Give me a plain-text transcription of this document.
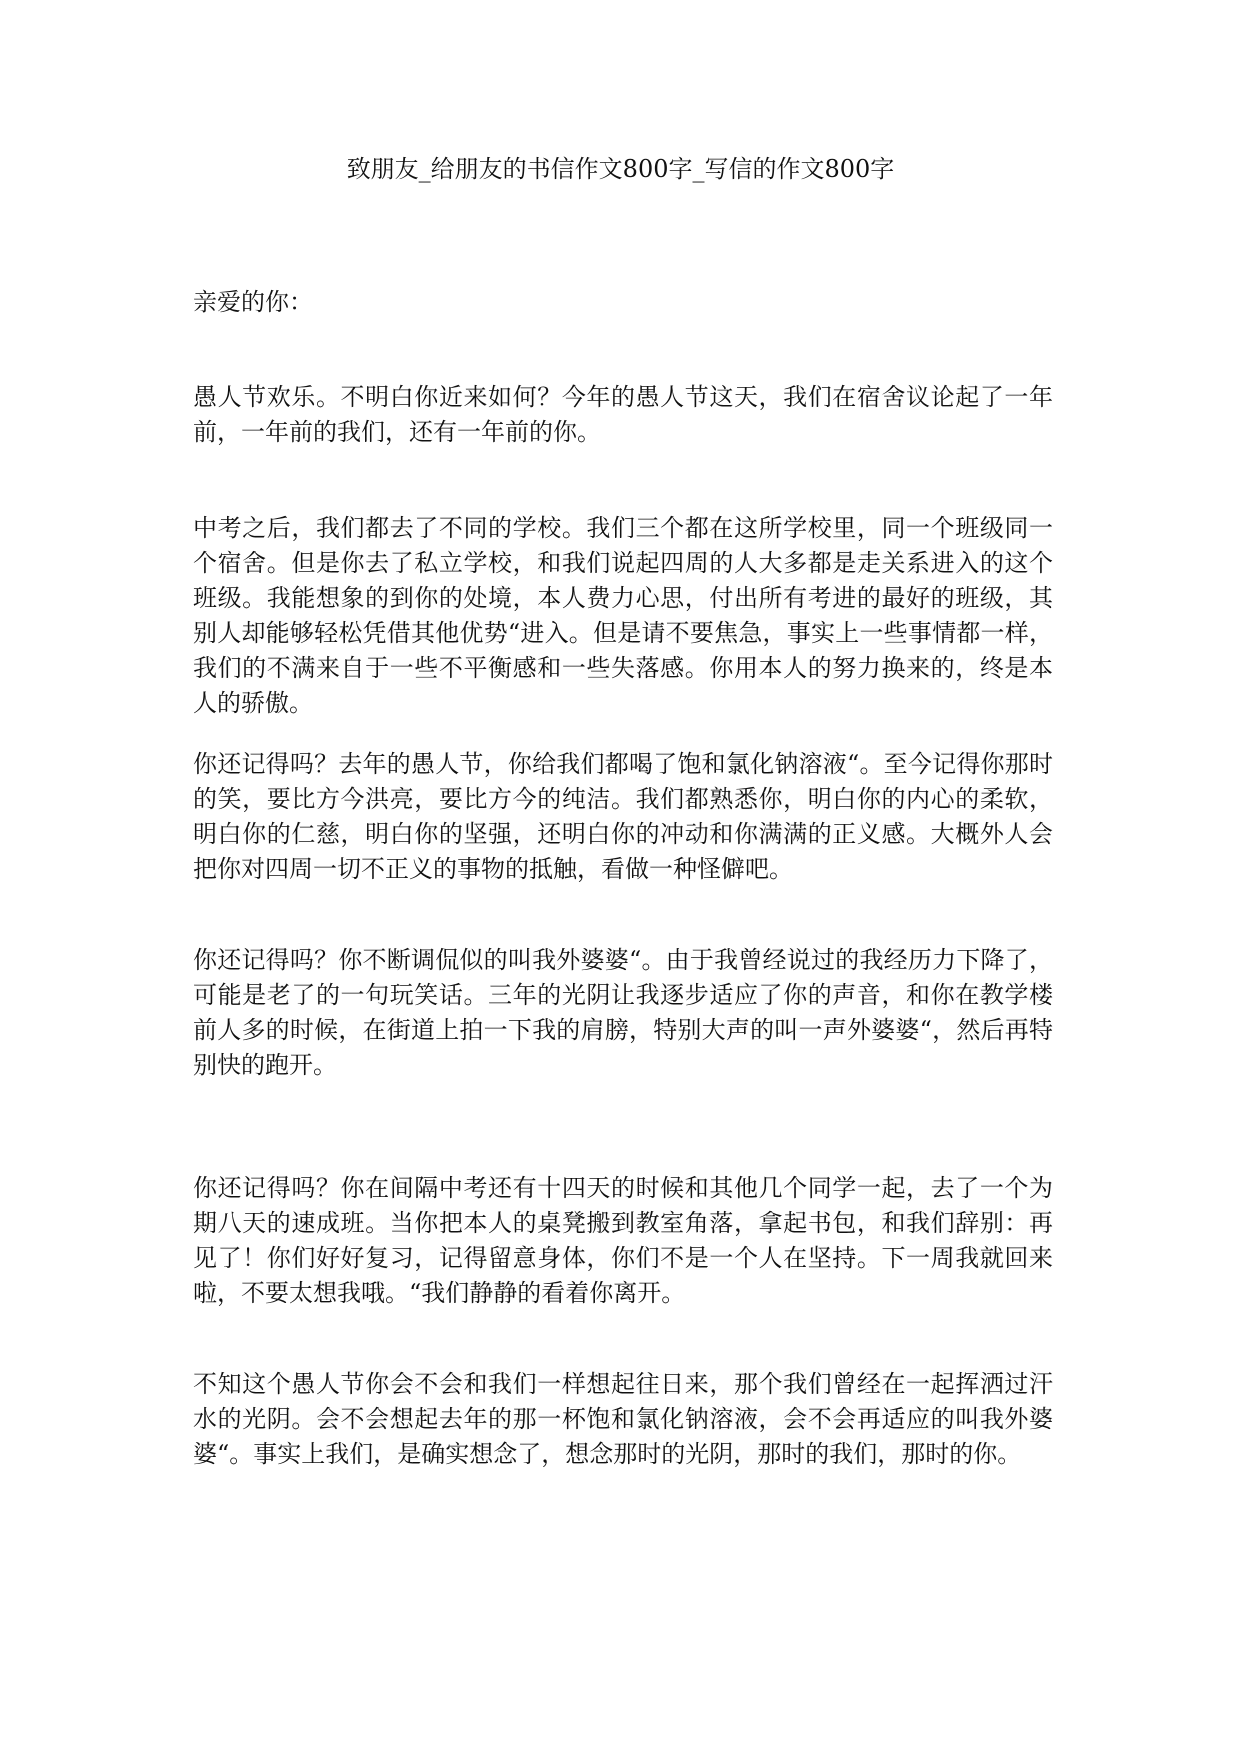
致朋友_给朋友的书信作文800字_写信的作文800字
亲爱的你：
愚人节欢乐。不明白你近来如何？今年的愚人节这天，我们在宿舍议论起了一年前，一年前的我们，还有一年前的你。
中考之后，我们都去了不同的学校。我们三个都在这所学校里，同一个班级同一个宿舍。但是你去了私立学校，和我们说起四周的人大多都是走关系进入的这个班级。我能想象的到你的处境，本人费力心思，付出所有考进的最好的班级，其别人却能够轻松凭借其他优势“进入。但是请不要焦急，事实上一些事情都一样，我们的不满来自于一些不平衡感和一些失落感。你用本人的努力换来的，终是本人的骄傲。
你还记得吗？去年的愚人节，你给我们都喝了饱和氯化钠溶液“。至今记得你那时的笑，要比方今洪亮，要比方今的纯洁。我们都熟悉你，明白你的内心的柔软，明白你的仁慈，明白你的坚强，还明白你的冲动和你满满的正义感。大概外人会把你对四周一切不正义的事物的抵触，看做一种怪僻吧。
你还记得吗？你不断调侃似的叫我外婆婆“。由于我曾经说过的我经历力下降了，可能是老了的一句玩笑话。三年的光阴让我逐步适应了你的声音，和你在教学楼前人多的时候，在街道上拍一下我的肩膀，特别大声的叫一声外婆婆“，然后再特别快的跑开。
你还记得吗？你在间隔中考还有十四天的时候和其他几个同学一起，去了一个为期八天的速成班。当你把本人的桌凳搬到教室角落，拿起书包，和我们辞别：再见了！你们好好复习，记得留意身体，你们不是一个人在坚持。下一周我就回来啦，不要太想我哦。“我们静静的看着你离开。
不知这个愚人节你会不会和我们一样想起往日来，那个我们曾经在一起挥洒过汗水的光阴。会不会想起去年的那一杯饱和氯化钠溶液，会不会再适应的叫我外婆婆“。事实上我们，是确实想念了，想念那时的光阴，那时的我们，那时的你。
